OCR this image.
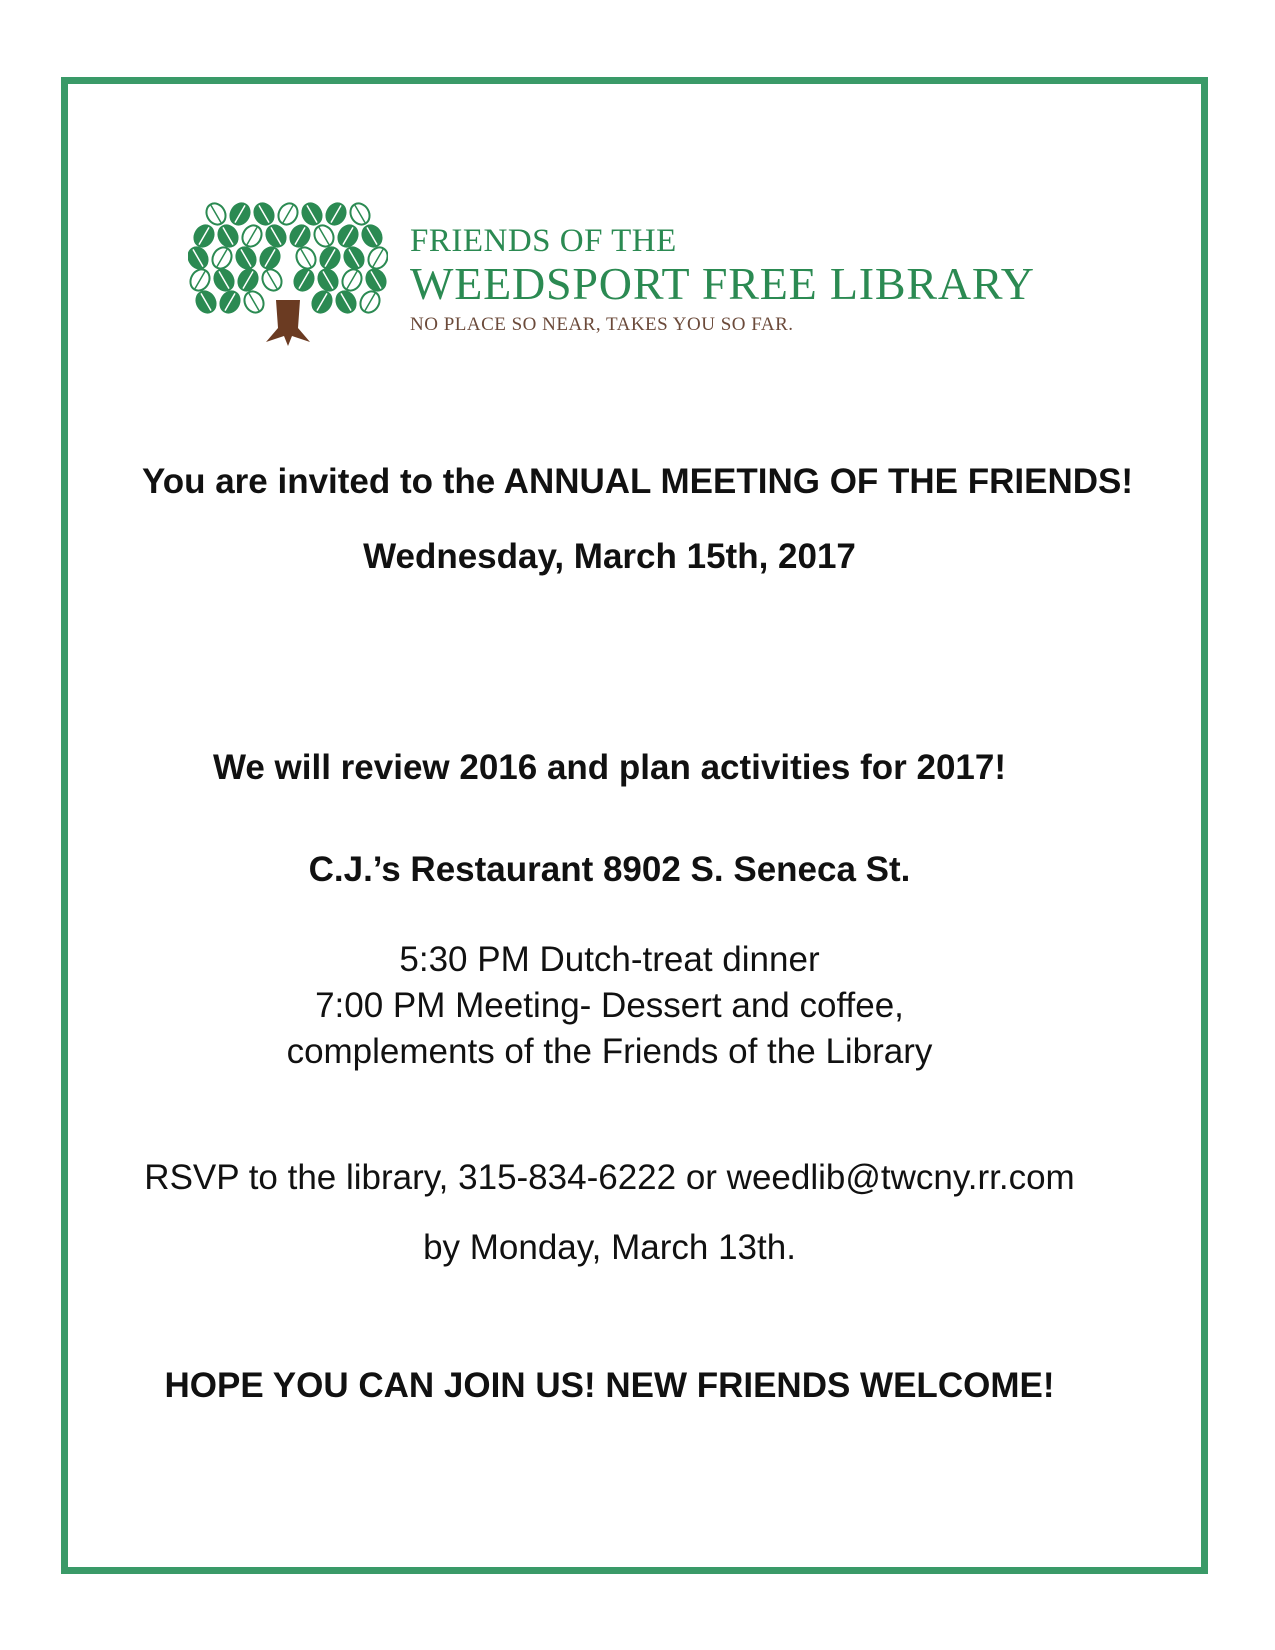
FRIENDS OF THE
WEEDSPORT FREE LIBRARY
NO PLACE SO NEAR, TAKES YOU SO FAR.
You are invited to the ANNUAL MEETING OF THE FRIENDS!
Wednesday, March 15th, 2017
We will review 2016 and plan activities for 2017!
C.J.’s Restaurant 8902 S. Seneca St.
5:30 PM Dutch-treat dinner
7:00 PM Meeting- Dessert and coffee,
complements of the Friends of the Library
RSVP to the library, 315-834-6222 or weedlib@twcny.rr.com
by Monday, March 13th.
HOPE YOU CAN JOIN US! NEW FRIENDS WELCOME!
